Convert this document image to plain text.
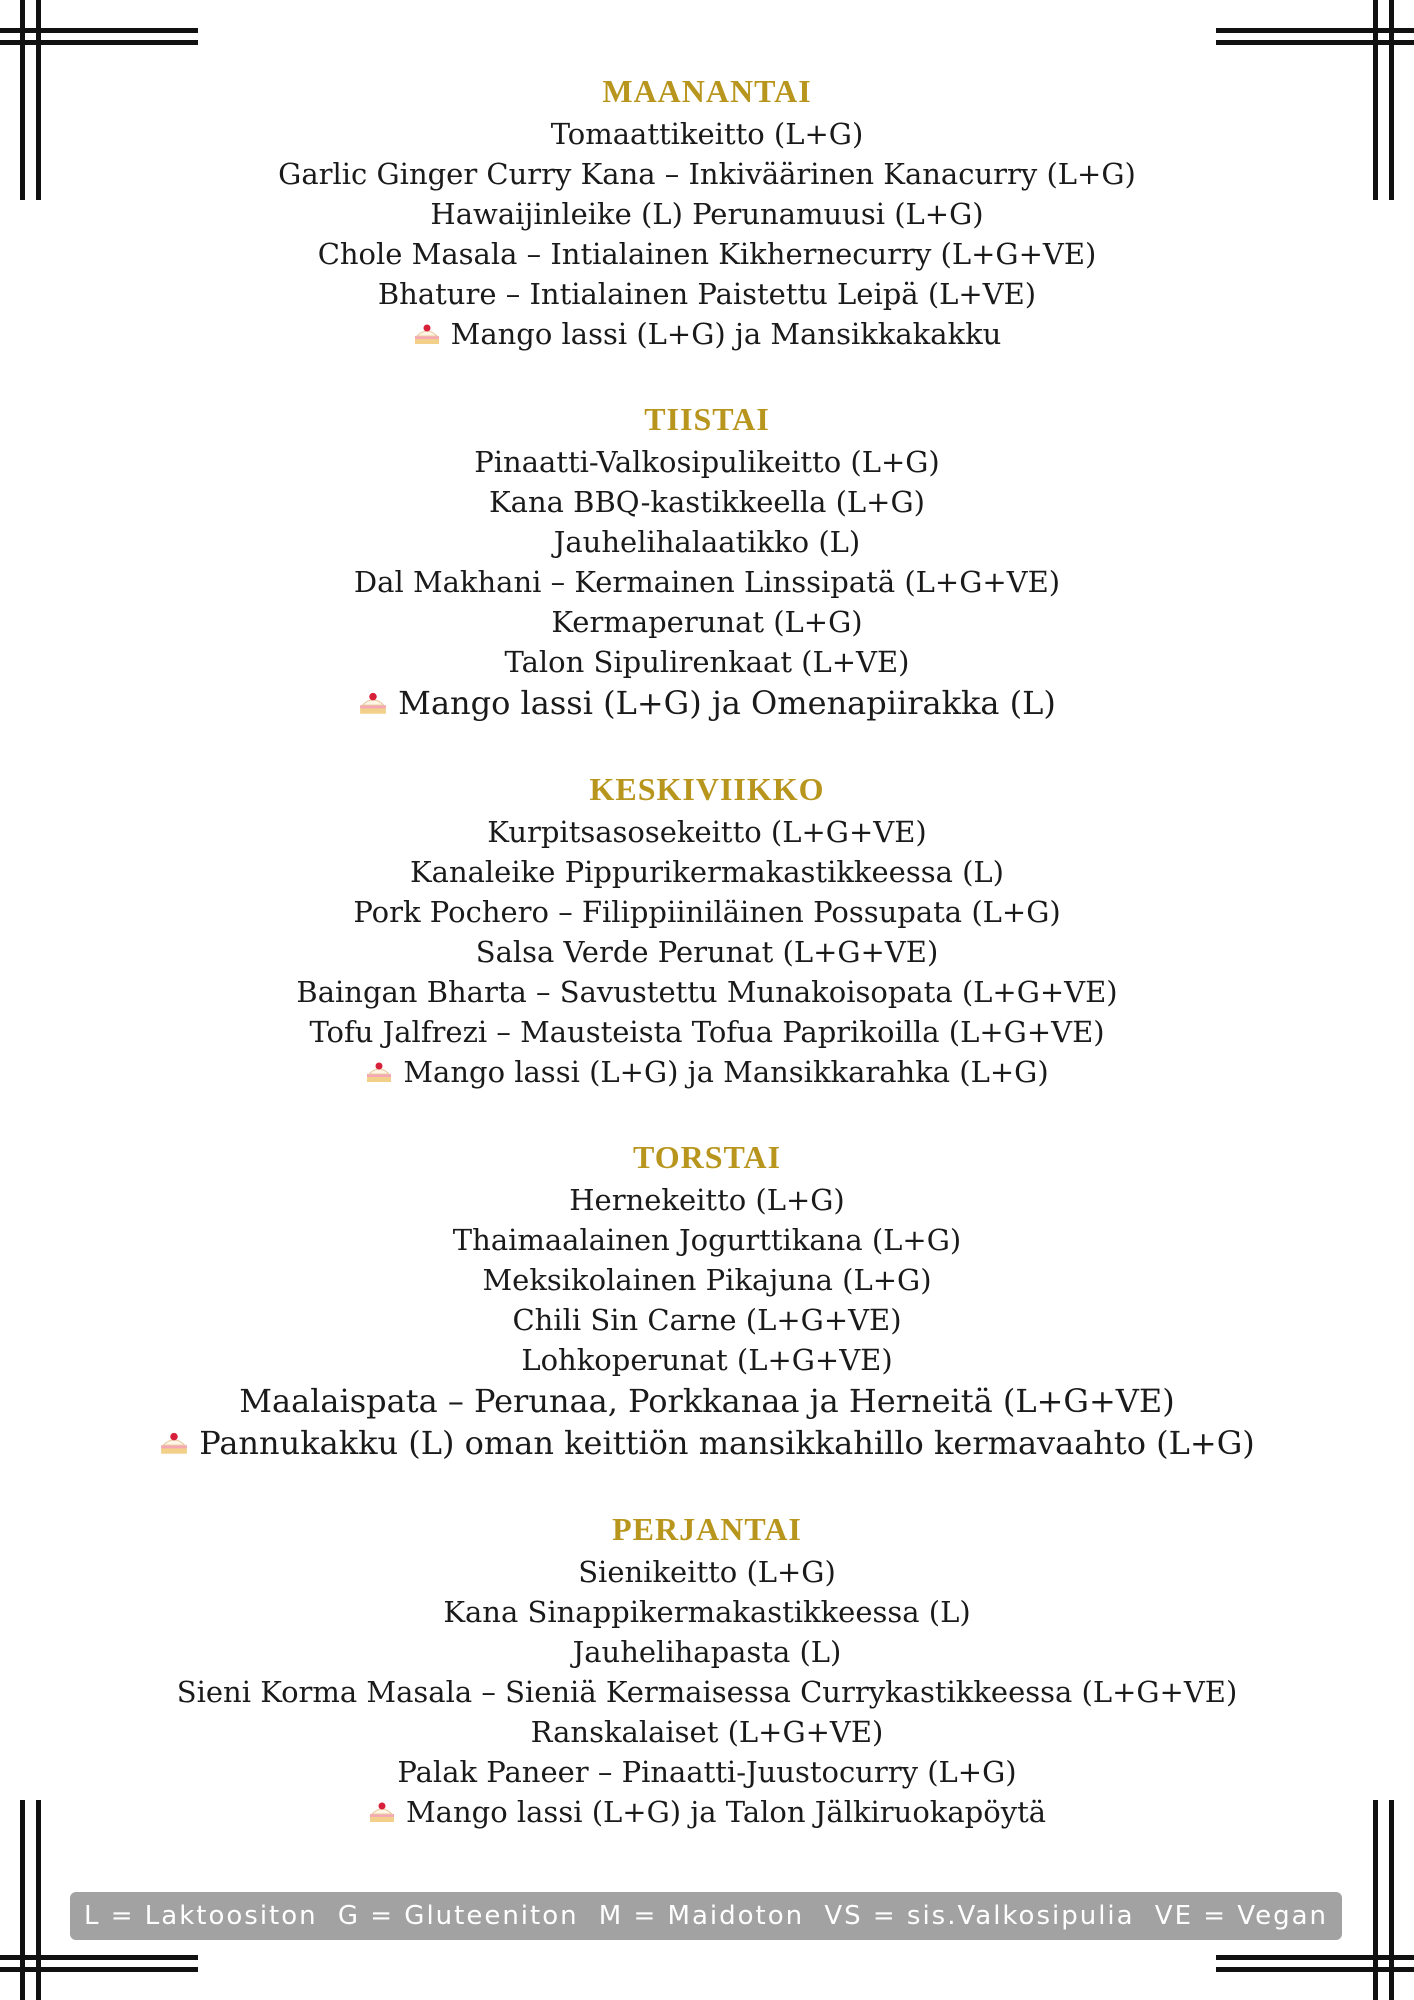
MAANANTAI
Tomaattikeitto (L+G)
Garlic Ginger Curry Kana – Inkiväärinen Kanacurry (L+G)
Hawaijinleike (L) Perunamuusi (L+G)
Chole Masala – Intialainen Kikhernecurry (L+G+VE)
Bhature – Intialainen Paistettu Leipä (L+VE)
Mango lassi (L+G) ja Mansikkakakku
TIISTAI
Pinaatti-Valkosipulikeitto (L+G)
Kana BBQ-kastikkeella (L+G)
Jauhelihalaatikko (L)
Dal Makhani – Kermainen Linssipatä (L+G+VE)
Kermaperunat (L+G)
Talon Sipulirenkaat (L+VE)
Mango lassi (L+G) ja Omenapiirakka (L)
KESKIVIIKKO
Kurpitsasosekeitto (L+G+VE)
Kanaleike Pippurikermakastikkeessa (L)
Pork Pochero – Filippiiniläinen Possupata (L+G)
Salsa Verde Perunat (L+G+VE)
Baingan Bharta – Savustettu Munakoisopata (L+G+VE)
Tofu Jalfrezi – Mausteista Tofua Paprikoilla (L+G+VE)
Mango lassi (L+G) ja Mansikkarahka (L+G)
TORSTAI
Hernekeitto (L+G)
Thaimaalainen Jogurttikana (L+G)
Meksikolainen Pikajuna (L+G)
Chili Sin Carne (L+G+VE)
Lohkoperunat (L+G+VE)
Maalaispata – Perunaa, Porkkanaa ja Herneitä (L+G+VE)
Pannukakku (L) oman keittiön mansikkahillo kermavaahto (L+G)
PERJANTAI
Sienikeitto (L+G)
Kana Sinappikermakastikkeessa (L)
Jauhelihapasta (L)
Sieni Korma Masala – Sieniä Kermaisessa Currykastikkeessa (L+G+VE)
Ranskalaiset (L+G+VE)
Palak Paneer – Pinaatti-Juustocurry (L+G)
Mango lassi (L+G) ja Talon Jälkiruokapöytä
L = Laktoositon G = Gluteeniton M = Maidoton VS = sis.Valkosipulia VE = Vegan
